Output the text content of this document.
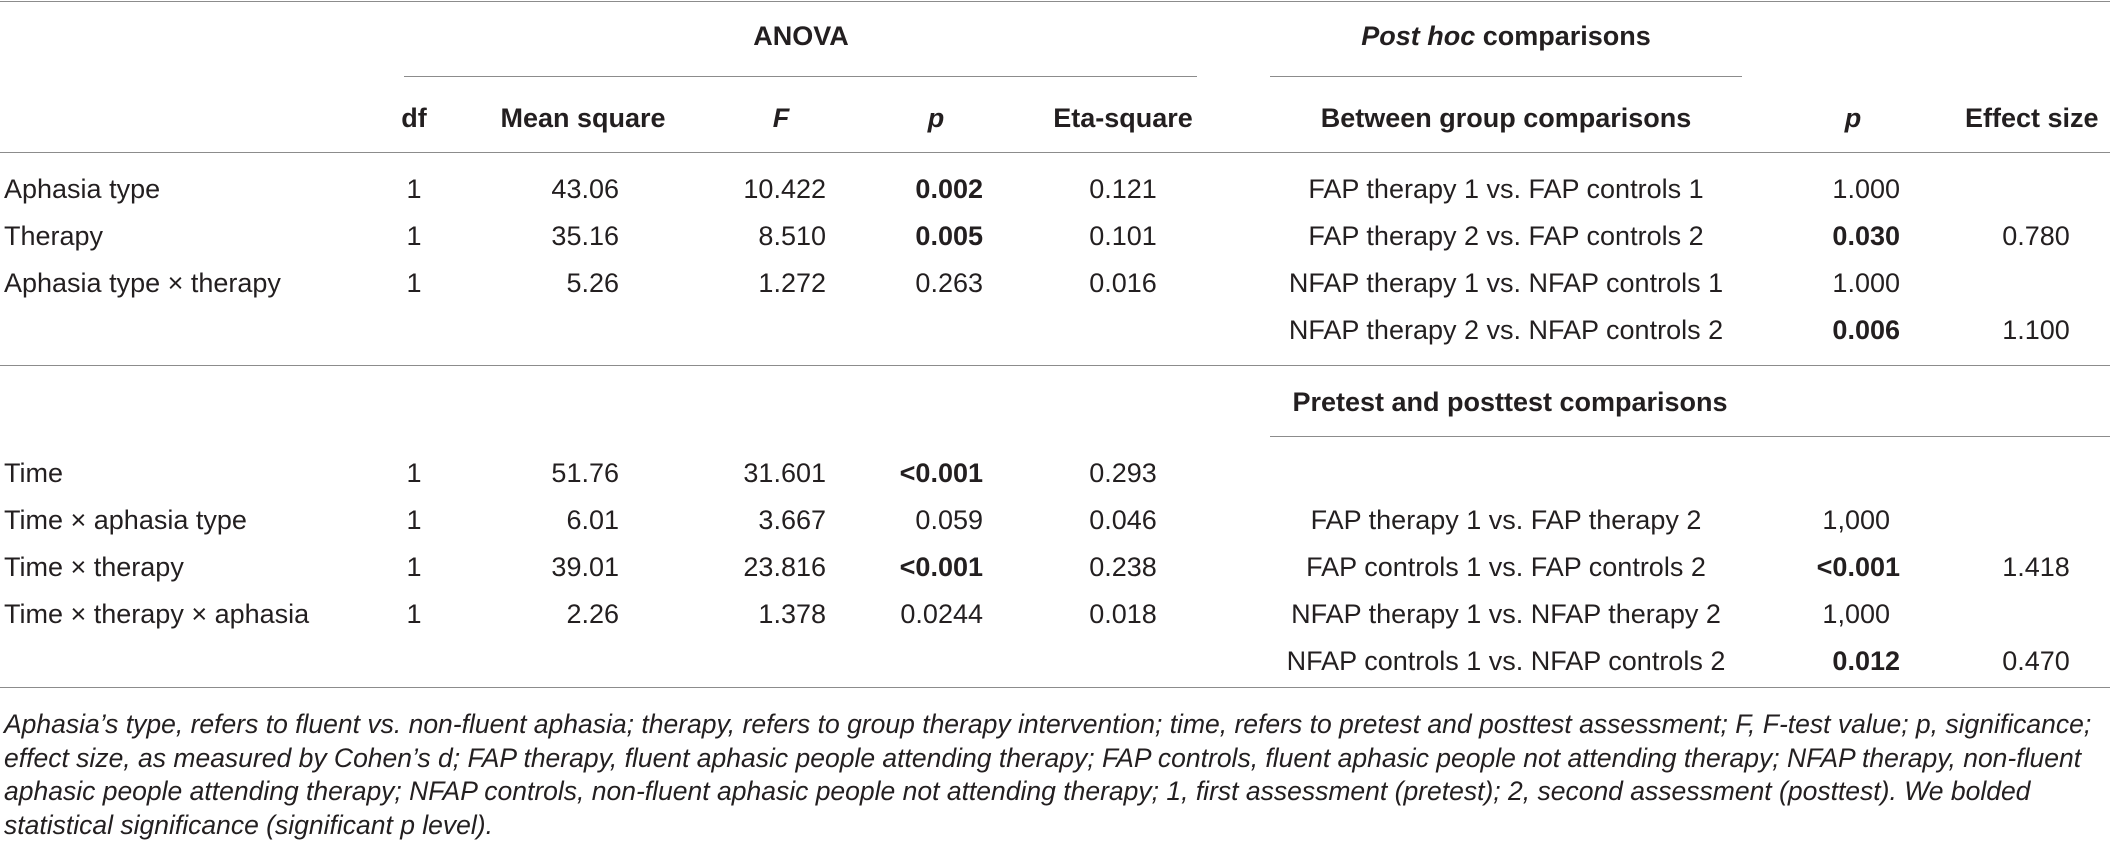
ANOVA	Post hoc comparisons
df	Mean square	F	p	Eta-square	Between group comparisons	p	Effect size
Pretest and posttest comparisons
Aphasia type	1	43.06	10.422	0.002	0.121	FAP therapy 1 vs. FAP controls 1	1.000
Therapy	1	35.16	8.510	0.005	0.101	FAP therapy 2 vs. FAP controls 2	0.030	0.780
Aphasia type × therapy	1	5.26	1.272	0.263	0.016	NFAP therapy 1 vs. NFAP controls 1	1.000
NFAP therapy 2 vs. NFAP controls 2	0.006	1.100
Time	1	51.76	31.601	<0.001	0.293
Time × aphasia type	1	6.01	3.667	0.059	0.046	FAP therapy 1 vs. FAP therapy 2	1,000
Time × therapy	1	39.01	23.816	<0.001	0.238	FAP controls 1 vs. FAP controls 2	<0.001	1.418
Time × therapy × aphasia	1	2.26	1.378	0.0244	0.018	NFAP therapy 1 vs. NFAP therapy 2	1,000
NFAP controls 1 vs. NFAP controls 2	0.012	0.470
Aphasia’s type, refers to fluent vs. non-fluent aphasia; therapy, refers to group therapy intervention; time, refers to pretest and posttest assessment; F, F-test value; p, significance; effect size, as measured by Cohen’s d; FAP therapy, fluent aphasic people attending therapy; FAP controls, fluent aphasic people not attending therapy; NFAP therapy, non-fluent aphasic people attending therapy; NFAP controls, non-fluent aphasic people not attending therapy; 1, first assessment (pretest); 2, second assessment (posttest). We bolded statistical significance (significant p level).
